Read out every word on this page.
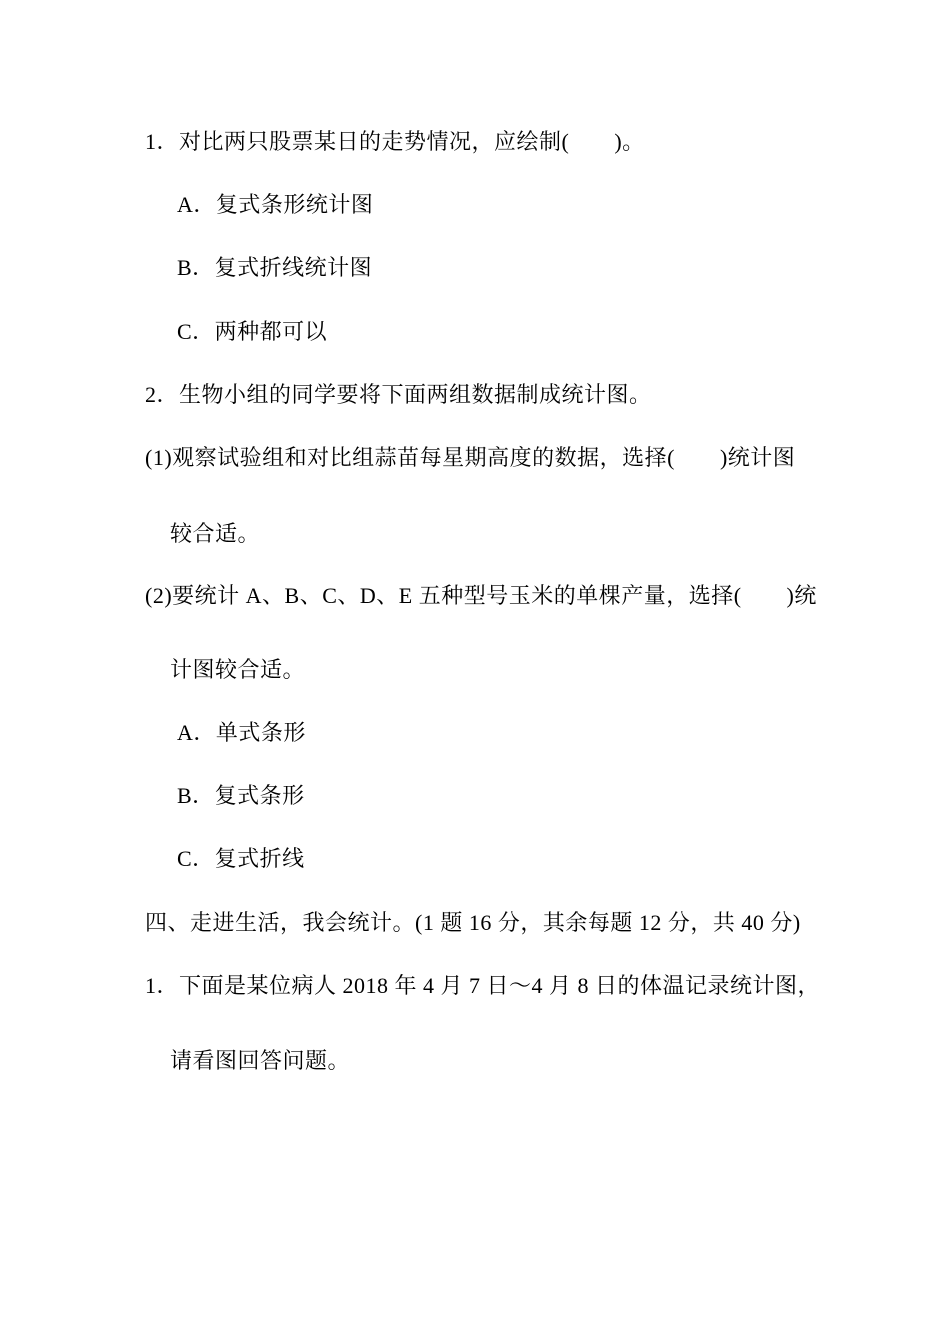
1．对比两只股票某日的走势情况，应绘制(　　)。
A．复式条形统计图
B．复式折线统计图
C．两种都可以
2．生物小组的同学要将下面两组数据制成统计图。
(1)观察试验组和对比组蒜苗每星期高度的数据，选择(　　)统计图
较合适。
(2)要统计 A、B、C、D、E 五种型号玉米的单棵产量，选择(　　)统
计图较合适。
A．单式条形
B．复式条形
C．复式折线
四、走进生活，我会统计。(1 题 16 分，其余每题 12 分，共 40 分)
1．下面是某位病人 2018 年 4 月 7 日～4 月 8 日的体温记录统计图，
请看图回答问题。
